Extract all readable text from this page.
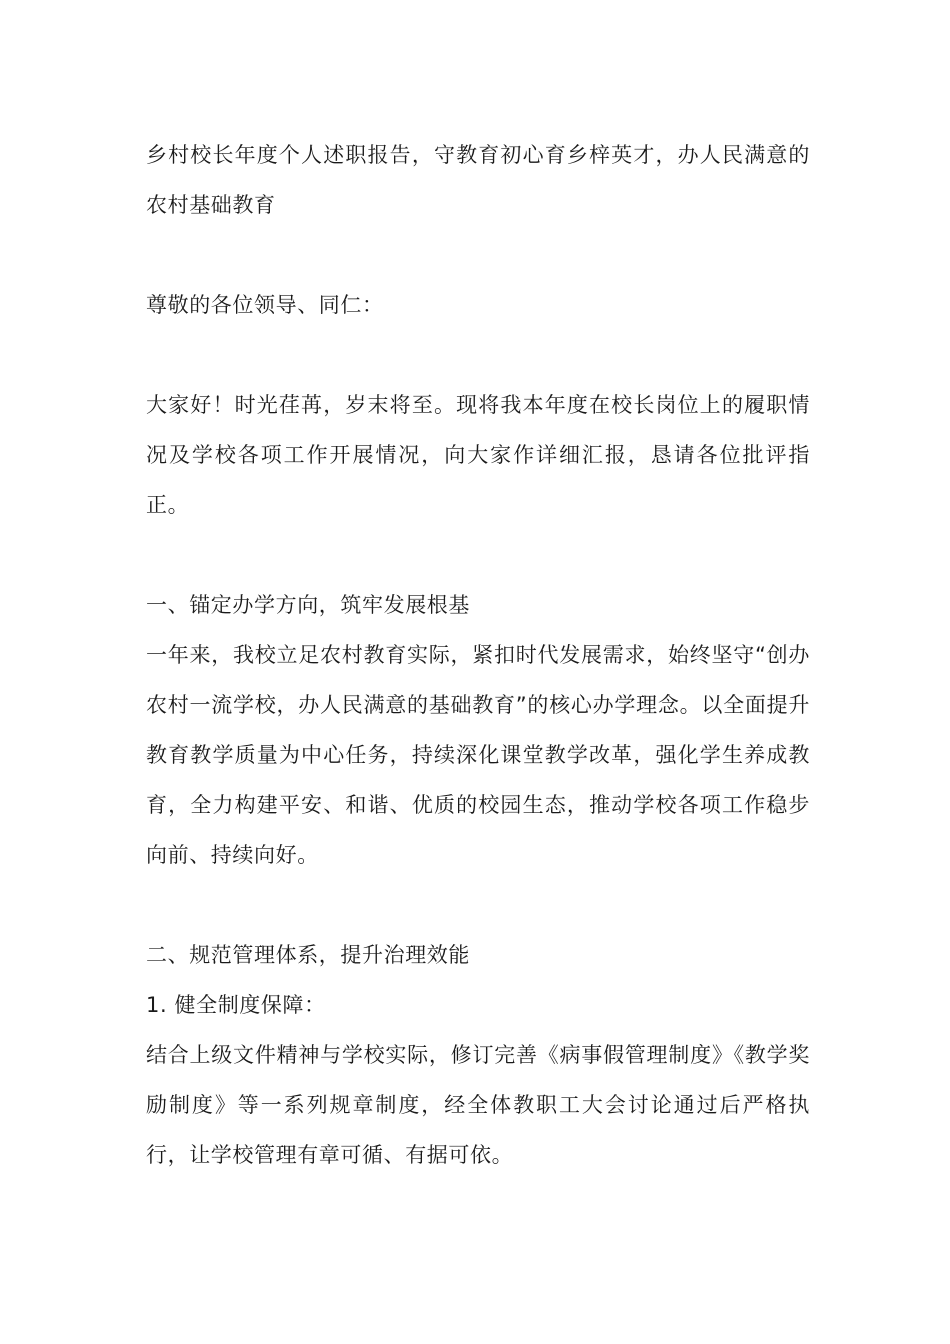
乡村校长年度个人述职报告，守教育初心育乡梓英才，办人民满意的农村基础教育

尊敬的各位领导、同仁：

大家好！时光荏苒，岁末将至。现将我本年度在校长岗位上的履职情况及学校各项工作开展情况，向大家作详细汇报，恳请各位批评指正。

一、锚定办学方向，筑牢发展根基

一年来，我校立足农村教育实际，紧扣时代发展需求，始终坚守“创办农村一流学校，办人民满意的基础教育”的核心办学理念。以全面提升教育教学质量为中心任务，持续深化课堂教学改革，强化学生养成教育，全力构建平安、和谐、优质的校园生态，推动学校各项工作稳步向前、持续向好。

二、规范管理体系，提升治理效能

1. 健全制度保障：

结合上级文件精神与学校实际，修订完善《病事假管理制度》《教学奖励制度》等一系列规章制度，经全体教职工大会讨论通过后严格执行，让学校管理有章可循、有据可依。
